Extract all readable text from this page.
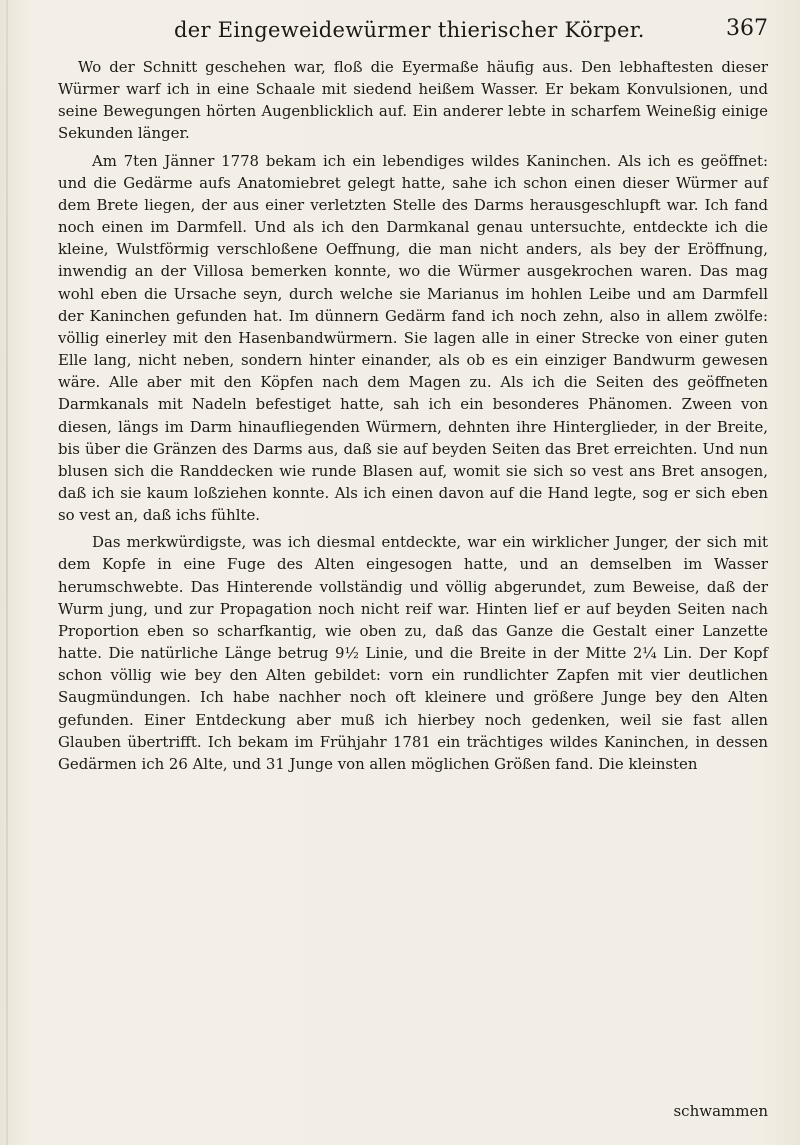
der Eingeweidewürmer thierischer Körper.	367

Wo der Schnitt geschehen war, floß die Eyermaße häufig aus. Den lebhaftesten dieser Würmer warf ich in eine Schaale mit siedend heißem Wasser. Er bekam Konvulsionen, und seine Bewegungen hörten Augenblicklich auf. Ein anderer lebte in scharfem Weineßig einige Sekunden länger.

Am 7ten Jänner 1778 bekam ich ein lebendiges wildes Kaninchen. Als ich es geöffnet: und die Gedärme aufs Anatomiebret gelegt hatte, sahe ich schon einen dieser Würmer auf dem Brete liegen, der aus einer verletzten Stelle des Darms herausgeschlupft war. Ich fand noch einen im Darmfell. Und als ich den Darmkanal genau untersuchte, entdeckte ich die kleine, Wulstförmig verschloßene Oeffnung, die man nicht anders, als bey der Eröffnung, inwendig an der Villosa bemerken konnte, wo die Würmer ausgekrochen waren. Das mag wohl eben die Ursache seyn, durch welche sie Marianus im hohlen Leibe und am Darmfell der Kaninchen gefunden hat. Im dünnern Gedärm fand ich noch zehn, also in allem zwölfe: völlig einerley mit den Hasenbandwürmern. Sie lagen alle in einer Strecke von einer guten Elle lang, nicht neben, sondern hinter einander, als ob es ein einziger Bandwurm gewesen wäre. Alle aber mit den Köpfen nach dem Magen zu. Als ich die Seiten des geöffneten Darmkanals mit Nadeln befestiget hatte, sah ich ein besonderes Phänomen. Zween von diesen, längs im Darm hinaufliegenden Würmern, dehnten ihre Hinterglieder, in der Breite, bis über die Gränzen des Darms aus, daß sie auf beyden Seiten das Bret erreichten. Und nun blusen sich die Randdecken wie runde Blasen auf, womit sie sich so vest ans Bret ansogen, daß ich sie kaum loßziehen konnte. Als ich einen davon auf die Hand legte, sog er sich eben so vest an, daß ichs fühlte.

Das merkwürdigste, was ich diesmal entdeckte, war ein wirklicher Junger, der sich mit dem Kopfe in eine Fuge des Alten eingesogen hatte, und an demselben im Wasser herumschwebte. Das Hinterende vollständig und völlig abgerundet, zum Beweise, daß der Wurm jung, und zur Propagation noch nicht reif war. Hinten lief er auf beyden Seiten nach Proportion eben so scharfkantig, wie oben zu, daß das Ganze die Gestalt einer Lanzette hatte. Die natürliche Länge betrug 9½ Linie, und die Breite in der Mitte 2¼ Lin. Der Kopf schon völlig wie bey den Alten gebildet: vorn ein rundlichter Zapfen mit vier deutlichen Saugmündungen. Ich habe nachher noch oft kleinere und größere Junge bey den Alten gefunden. Einer Entdeckung aber muß ich hierbey noch gedenken, weil sie fast allen Glauben übertrifft. Ich bekam im Frühjahr 1781 ein trächtiges wildes Kaninchen, in dessen Gedärmen ich 26 Alte, und 31 Junge von allen möglichen Größen fand. Die kleinsten

schwammen
